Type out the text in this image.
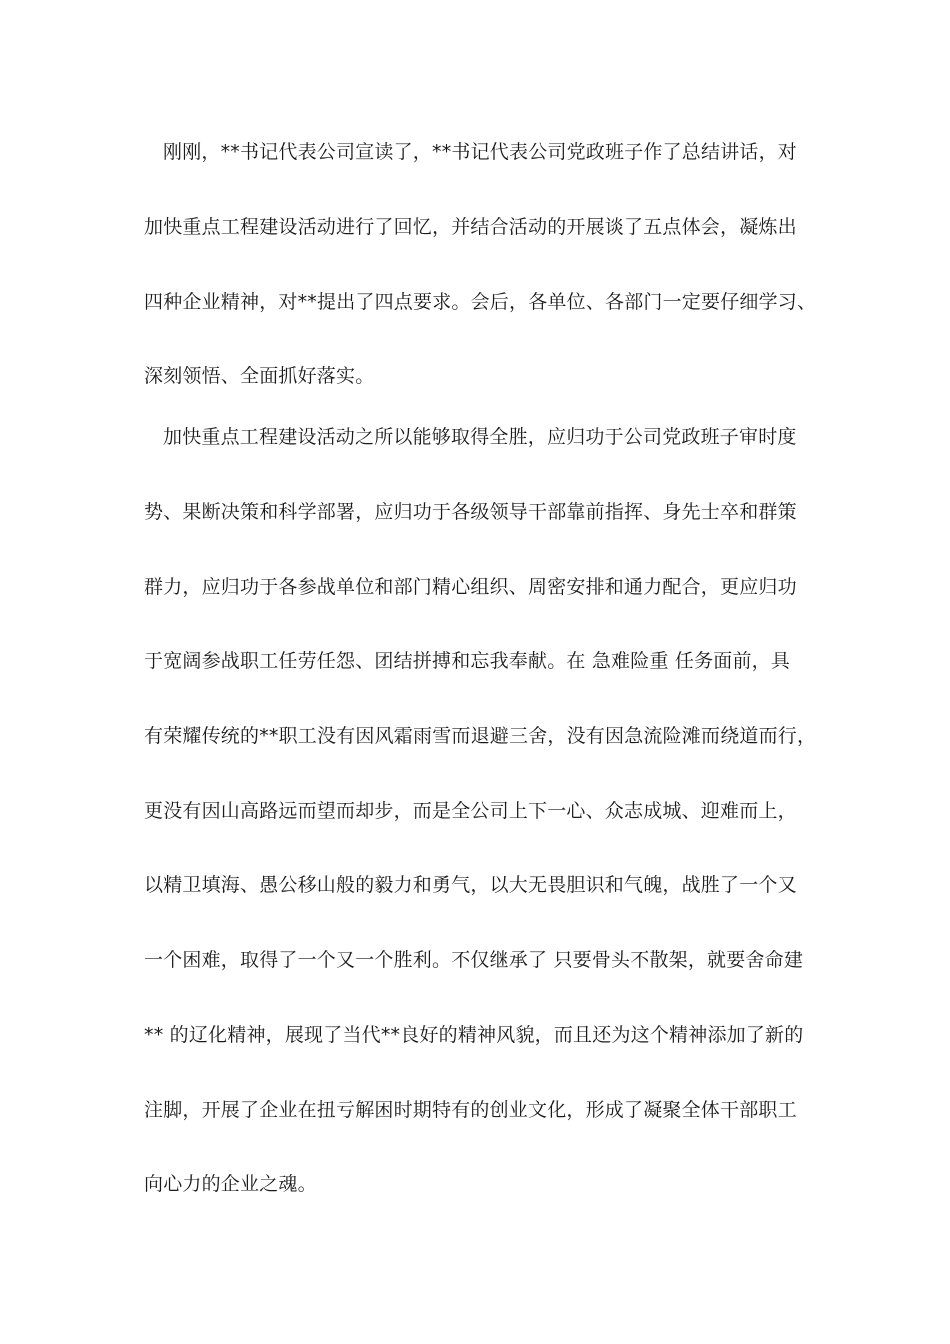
刚刚，**书记代表公司宣读了，**书记代表公司党政班子作了总结讲话，对
加快重点工程建设活动进行了回忆，并结合活动的开展谈了五点体会，凝炼出
四种企业精神，对**提出了四点要求。会后，各单位、各部门一定要仔细学习、
深刻领悟、全面抓好落实。
加快重点工程建设活动之所以能够取得全胜，应归功于公司党政班子审时度
势、果断决策和科学部署，应归功于各级领导干部靠前指挥、身先士卒和群策
群力，应归功于各参战单位和部门精心组织、周密安排和通力配合，更应归功
于宽阔参战职工任劳任怨、团结拼搏和忘我奉献。在 急难险重 任务面前，具
有荣耀传统的**职工没有因风霜雨雪而退避三舍，没有因急流险滩而绕道而行，
更没有因山高路远而望而却步，而是全公司上下一心、众志成城、迎难而上，
以精卫填海、愚公移山般的毅力和勇气，以大无畏胆识和气魄，战胜了一个又
一个困难，取得了一个又一个胜利。不仅继承了 只要骨头不散架，就要舍命建
** 的辽化精神，展现了当代**良好的精神风貌，而且还为这个精神添加了新的
注脚，开展了企业在扭亏解困时期特有的创业文化，形成了凝聚全体干部职工
向心力的企业之魂。
